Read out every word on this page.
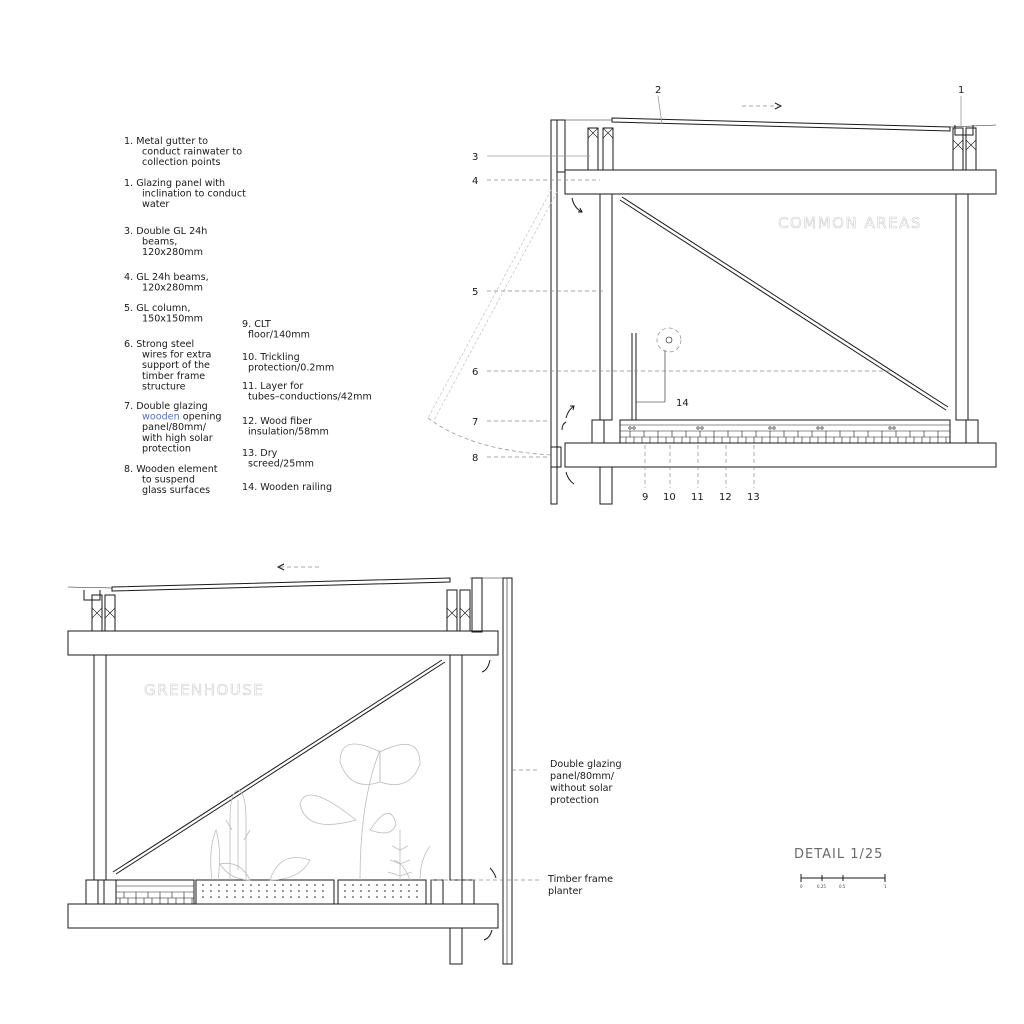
1. Metal gutter to
conduct rainwater to
collection points
1. Glazing panel with
inclination to conduct
water
3. Double GL 24h
beams,
120x280mm
4. GL 24h beams,
120x280mm
5. GL column,
150x150mm
6. Strong steel
wires for extra
support of the
timber frame
structure
7. Double glazing
wooden opening
panel/80mm/
with high solar
protection
8. Wooden element
to suspend
glass surfaces
9. CLT
floor/140mm
10. Trickling
protection/0.2mm
11. Layer for
tubes–conductions/42mm
12. Wood fiber
insulation/58mm
13. Dry
screed/25mm
14. Wooden railing
COMMON AREAS
2	1
3
4
5
6
7
8
14
9 10 11 12 13
GREENHOUSE
Double glazing
panel/80mm/
without solar
protection
Timber frame
planter
DETAIL 1/25
0	0.25	0.5	1
